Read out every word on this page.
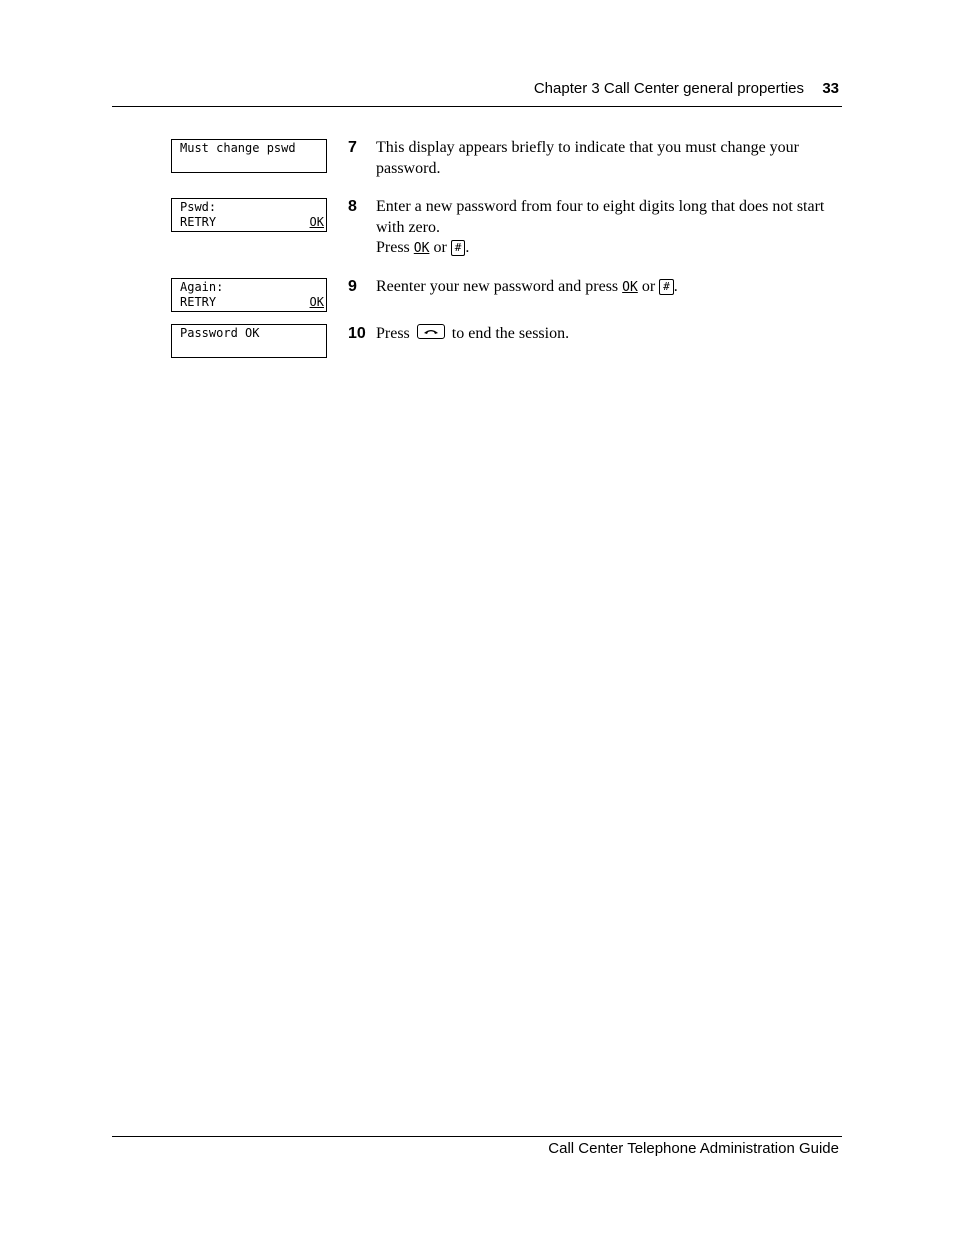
Chapter 3 Call Center general properties 33
Must change pswd
Pswd:
RETRY	OK
Again:
RETRY	OK
Password OK
7 This display appears briefly to indicate that you must change your password.
8 Enter a new password from four to eight digits long that does not start with zero.
Press OK or # .
9 Reenter your new password and press OK or # .
10 Press	to end the session.
Call Center Telephone Administration Guide
